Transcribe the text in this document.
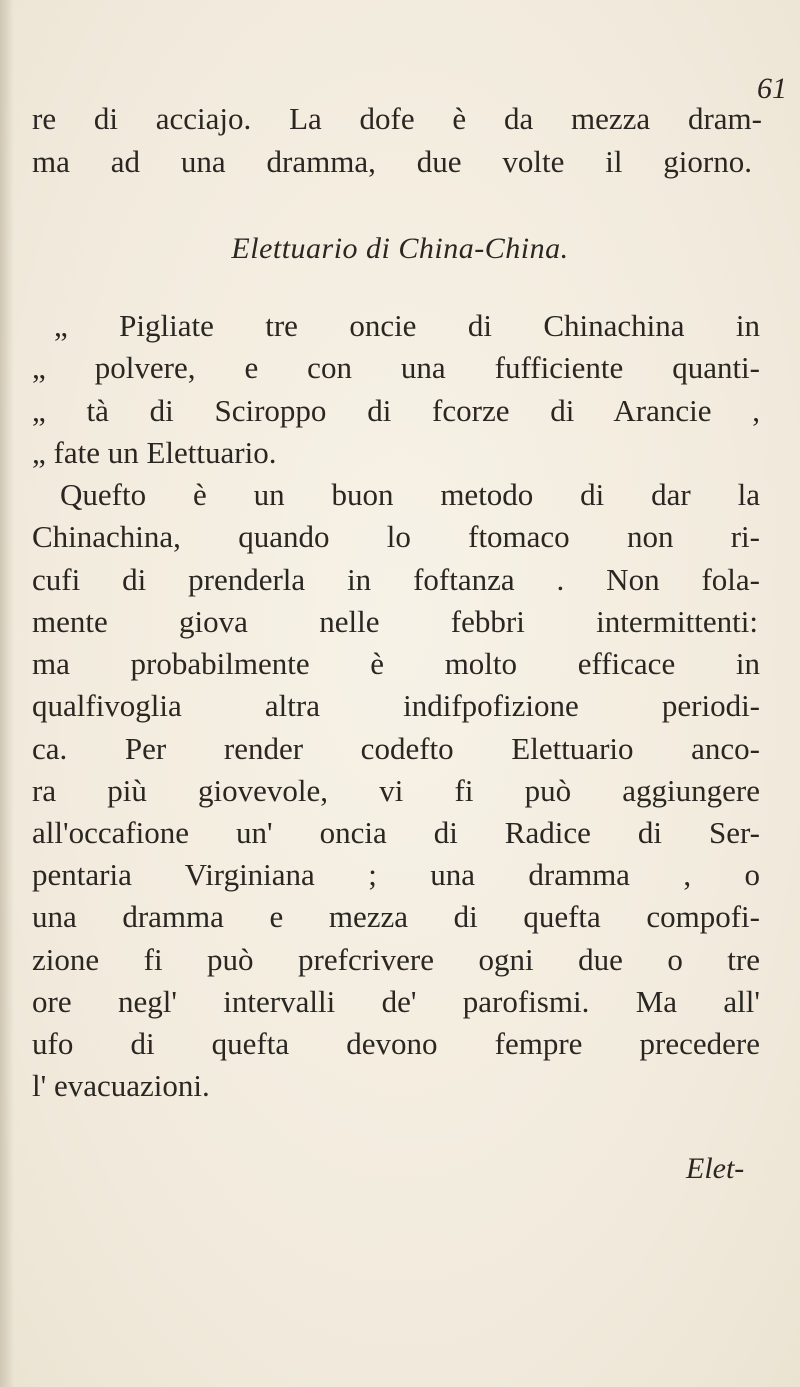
61
re di acciajo. La dofe è da mezza dram-
ma ad una dramma, due volte il giorno.
Elettuario di China-China.
„ Pigliate tre oncie di Chinachina in
„ polvere, e con una fufficiente quanti-
„ tà di Sciroppo di fcorze di Arancie ,
„ fate un Elettuario.
Quefto è un buon metodo di dar la
Chinachina, quando lo ftomaco non ri-
cufi di prenderla in foftanza . Non fola-
mente giova nelle febbri intermittenti:
ma probabilmente è molto efficace in
qualfivoglia altra indifpofizione periodi-
ca. Per render codefto Elettuario anco-
ra più giovevole, vi fi può aggiungere
all'occafione un' oncia di Radice di Ser-
pentaria Virginiana ; una dramma , o
una dramma e mezza di quefta compofi-
zione fi può prefcrivere ogni due o tre
ore negl' intervalli de' parofismi. Ma all'
ufo di quefta devono fempre precedere
l' evacuazioni.
Elet-
